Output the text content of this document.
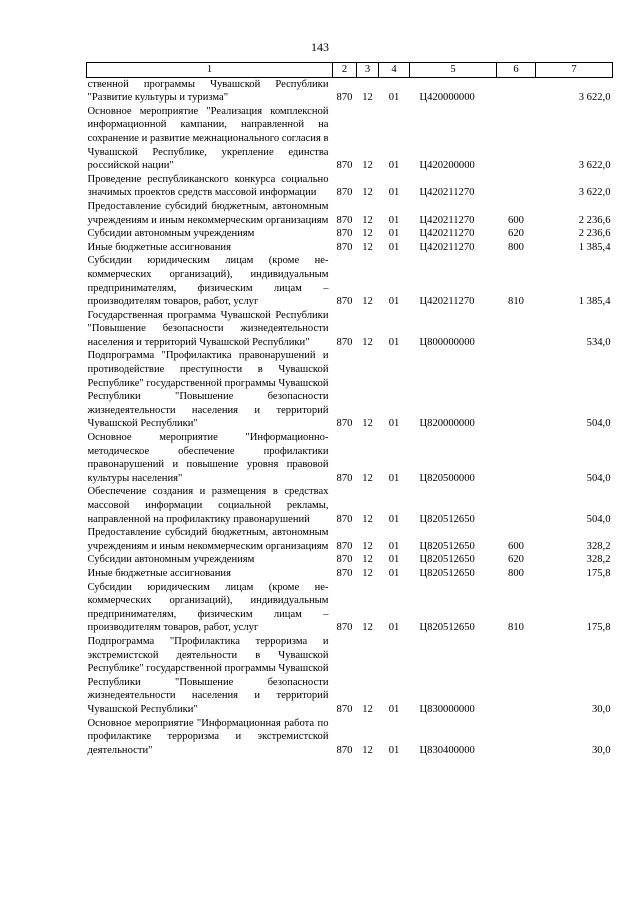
143
1	2	3	4	5	6	7
ственной программы Чувашской Республики "Развитие культуры и туризма"	870	12	01	Ц420000000		3 622,0
Основное мероприятие "Реализация комплексной информационной кампании, направленной на сохранение и развитие межнационального согласия в Чувашской Республике, укрепление единства российской нации"	870	12	01	Ц420200000		3 622,0
Проведение республиканского конкурса социально значимых проектов средств массовой информации	870	12	01	Ц420211270		3 622,0
Предоставление субсидий бюджетным, автономным учреждениям и иным некоммерческим организациям	870	12	01	Ц420211270	600	2 236,6
Субсидии автономным учреждениям	870	12	01	Ц420211270	620	2 236,6
Иные бюджетные ассигнования	870	12	01	Ц420211270	800	1 385,4
Субсидии юридическим лицам (кроме некоммерческих организаций), индивидуальным предпринимателям, физическим лицам – производителям товаров, работ, услуг	870	12	01	Ц420211270	810	1 385,4
Государственная программа Чувашской Республики "Повышение безопасности жизнедеятельности населения и территорий Чувашской Республики"	870	12	01	Ц800000000		534,0
Подпрограмма "Профилактика правонарушений и противодействие преступности в Чувашской Республике" государственной программы Чувашской Республики "Повышение безопасности жизнедеятельности населения и территорий Чувашской Республики"	870	12	01	Ц820000000		504,0
Основное мероприятие "Информационно-методическое обеспечение профилактики правонарушений и повышение уровня правовой культуры населения"	870	12	01	Ц820500000		504,0
Обеспечение создания и размещения в средствах массовой информации социальной рекламы, направленной на профилактику правонарушений	870	12	01	Ц820512650		504,0
Предоставление субсидий бюджетным, автономным учреждениям и иным некоммерческим организациям	870	12	01	Ц820512650	600	328,2
Субсидии автономным учреждениям	870	12	01	Ц820512650	620	328,2
Иные бюджетные ассигнования	870	12	01	Ц820512650	800	175,8
Субсидии юридическим лицам (кроме некоммерческих организаций), индивидуальным предпринимателям, физическим лицам – производителям товаров, работ, услуг	870	12	01	Ц820512650	810	175,8
Подпрограмма "Профилактика терроризма и экстремистской деятельности в Чувашской Республике" государственной программы Чувашской Республики "Повышение безопасности жизнедеятельности населения и территорий Чувашской Республики"	870	12	01	Ц830000000		30,0
Основное мероприятие "Информационная работа по профилактике терроризма и экстремистской деятельности"	870	12	01	Ц830400000		30,0
